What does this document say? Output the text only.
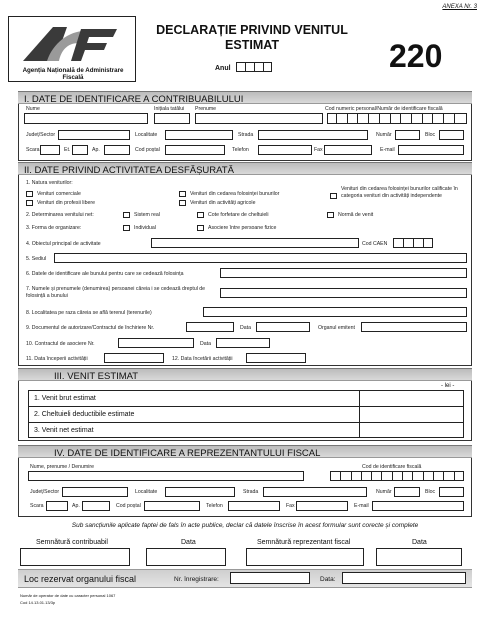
ANEXA Nr. 3
Agenția Națională de Administrare Fiscală
DECLARAȚIE PRIVIND VENITUL
ESTIMAT
Anul	220
I. DATE DE IDENTIFICARE A CONTRIBUABILULUI
Nume	Inițiala tatălui Prenume	Cod numeric personal/Număr de identificare fiscală
Județ/Sector	Localitate	Strada	Număr	Bloc
Scara	Et.	Ap.	Cod poștal	Telefon	Fax	E-mail
II. DATE PRIVIND ACTIVITATEA DESFĂȘURATĂ
1. Natura veniturilor:
Venituri comerciale
Venituri din profesii libere
Venituri din cedarea folosinței bunurilor
Venituri din activități agricole
Venituri din cedarea folosinței bunurilor calificate în categoria venituri din activități independente
2. Determinarea venitului net:	Sistem real	Cote forfetare de cheltuieli	Normă de venit
3. Forma de organizare:	Individual	Asociere între persoane fizice
4. Obiectul principal de activitate	Cod CAEN
5. Sediul
6. Datele de identificare ale bunului pentru care se cedează folosința
7. Numele și prenumele (denumirea) persoanei căreia i se cedează dreptul de folosință a bunului
8. Localitatea pe raza căreia se află terenul (terenurile)
9. Documentul de autorizare/Contractul de închiriere Nr.	Data	Organul emitent
10. Contractul de asociere Nr.	Data
11. Data începerii activității	12. Data încetării activității
III. VENIT ESTIMAT
- lei -
1. Venit brut estimat
2. Cheltuieli deductibile estimate
3. Venit net estimat
IV. DATE DE IDENTIFICARE A REPREZENTANTULUI FISCAL
Nume, prenume / Denumire	Cod de identificare fiscală
Județ/Sector	Localitate	Strada	Număr	Bloc
Scara	Ap.	Cod poștal	Telefon	Fax	E-mail
Sub sancțiunile aplicate faptei de fals în acte publice, declar că datele înscrise în acest formular sunt corecte și complete
Semnătură contribuabil	Data	Semnătură reprezentant fiscal	Data
Loc rezervat organului fiscal	Nr. înregistrare:	Data:
Număr de operator de date cu caracter personal 1067
Cod 14.13.01.13/3p
